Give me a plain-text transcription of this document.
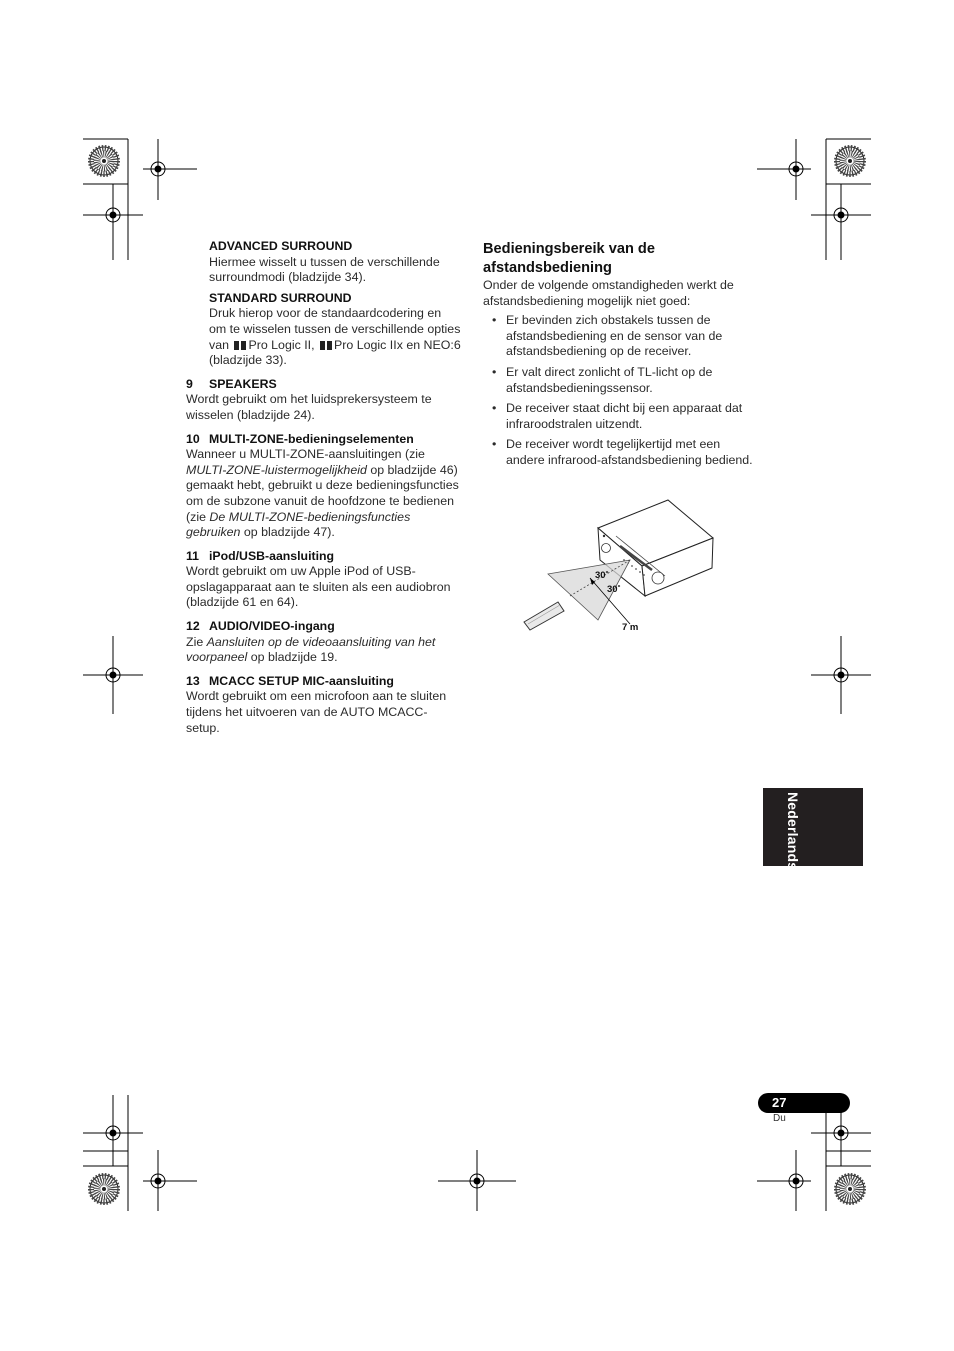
ADVANCED SURROUND

Hiermee wisselt u tussen de verschillende surroundmodi (bladzijde 34).

STANDARD SURROUND

Druk hierop voor de standaardcodering en om te wisselen tussen de verschillende opties van Pro Logic II, Pro Logic IIx en NEO:6 (bladzijde 33).

9 SPEAKERS

Wordt gebruikt om het luidsprekersysteem te wisselen (bladzijde 24).

10 MULTI-ZONE-bedieningselementen

Wanneer u MULTI-ZONE-aansluitingen (zie MULTI-ZONE-luistermogelijkheid op bladzijde 46) gemaakt hebt, gebruikt u deze bedieningsfuncties om de subzone vanuit de hoofdzone te bedienen (zie De MULTI-ZONE-bedieningsfuncties gebruiken op bladzijde 47).

11 iPod/USB-aansluiting

Wordt gebruikt om uw Apple iPod of USB-opslagapparaat aan te sluiten als een audiobron (bladzijde 61 en 64).

12 AUDIO/VIDEO-ingang

Zie Aansluiten op de videoaansluiting van het voorpaneel op bladzijde 19.

13 MCACC SETUP MIC-aansluiting

Wordt gebruikt om een microfoon aan te sluiten tijdens het uitvoeren van de AUTO MCACC-setup.

Bedieningsbereik van de afstandsbediening

Onder de volgende omstandigheden werkt de afstandsbediening mogelijk niet goed:

• Er bevinden zich obstakels tussen de afstandsbediening en de sensor van de afstandsbediening op de receiver.
• Er valt direct zonlicht of TL-licht op de afstandsbedieningssensor.
• De receiver staat dicht bij een apparaat dat infraroodstralen uitzendt.
• De receiver wordt tegelijkertijd met een andere infrarood-afstandsbediening bediend.
30˚
30˚
7 m
Nederlands
27
Du
